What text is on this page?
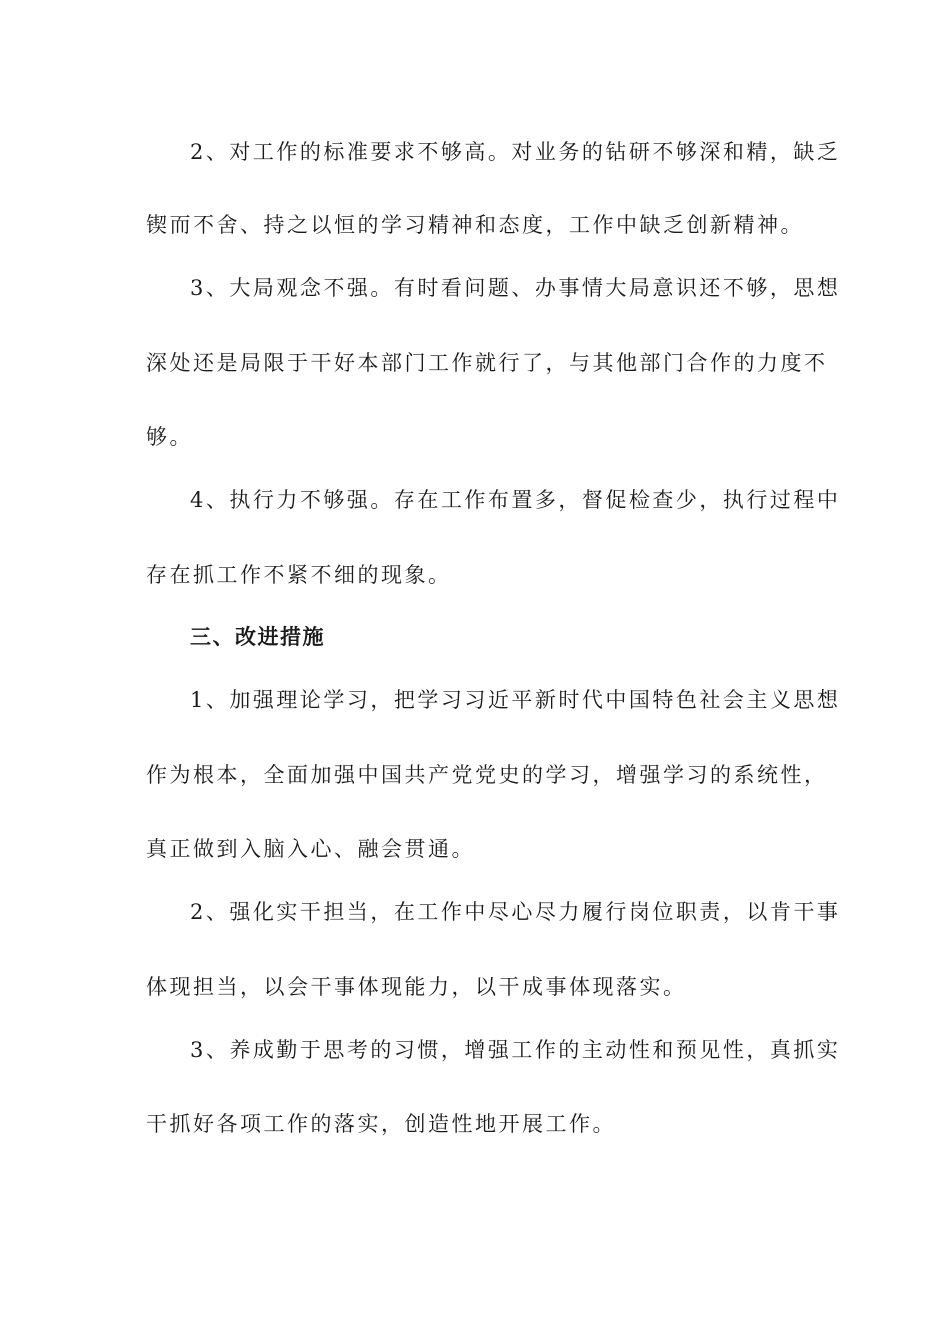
2、对工作的标准要求不够高。对业务的钻研不够深和精，缺乏
锲而不舍、持之以恒的学习精神和态度，工作中缺乏创新精神。
3、大局观念不强。有时看问题、办事情大局意识还不够，思想
深处还是局限于干好本部门工作就行了，与其他部门合作的力度不
够。
4、执行力不够强。存在工作布置多，督促检查少，执行过程中
存在抓工作不紧不细的现象。
三、改进措施
1、加强理论学习，把学习习近平新时代中国特色社会主义思想
作为根本，全面加强中国共产党党史的学习，增强学习的系统性，
真正做到入脑入心、融会贯通。
2、强化实干担当，在工作中尽心尽力履行岗位职责，以肯干事
体现担当，以会干事体现能力，以干成事体现落实。
3、养成勤于思考的习惯，增强工作的主动性和预见性，真抓实
干抓好各项工作的落实，创造性地开展工作。
